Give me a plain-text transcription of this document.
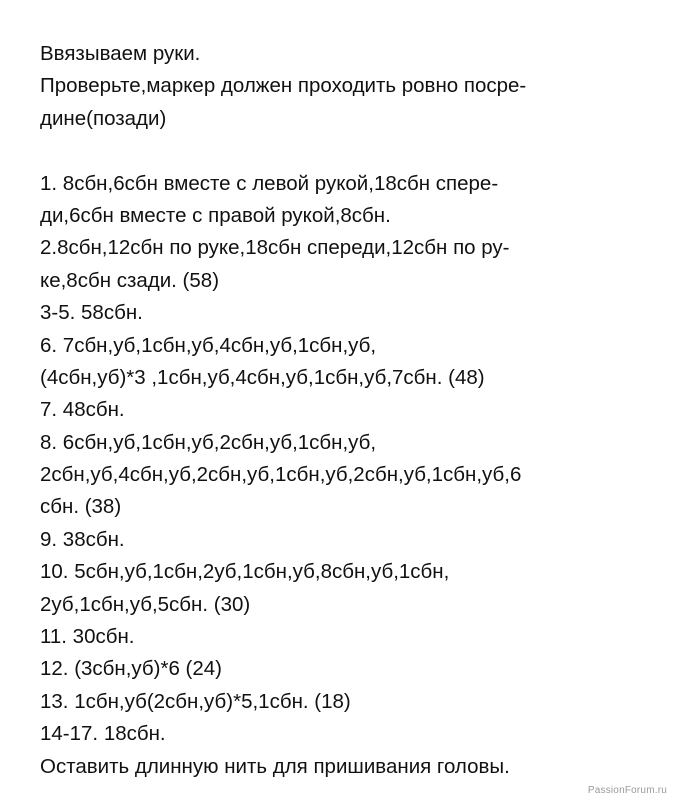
Ввязываем руки.
Проверьте,маркер должен проходить ровно посре-
дине(позади)
1. 8сбн,6сбн вместе с левой рукой,18сбн спере-
ди,6сбн вместе с правой рукой,8сбн.
2.8сбн,12сбн по руке,18сбн спереди,12сбн по ру-
ке,8сбн сзади. (58)
3-5. 58сбн.
6. 7сбн,уб,1сбн,уб,4сбн,уб,1сбн,уб,
(4сбн,уб)*3 ,1сбн,уб,4сбн,уб,1сбн,уб,7сбн. (48)
7. 48сбн.
8. 6сбн,уб,1сбн,уб,2сбн,уб,1сбн,уб,
2сбн,уб,4сбн,уб,2сбн,уб,1сбн,уб,2сбн,уб,1сбн,уб,6
сбн. (38)
9. 38сбн.
10. 5сбн,уб,1сбн,2уб,1сбн,уб,8сбн,уб,1сбн,
2уб,1сбн,уб,5сбн. (30)
11. 30сбн.
12. (3сбн,уб)*6 (24)
13. 1сбн,уб(2сбн,уб)*5,1сбн. (18)
14-17. 18сбн.
Оставить длинную нить для пришивания головы.
PassionForum.ru
